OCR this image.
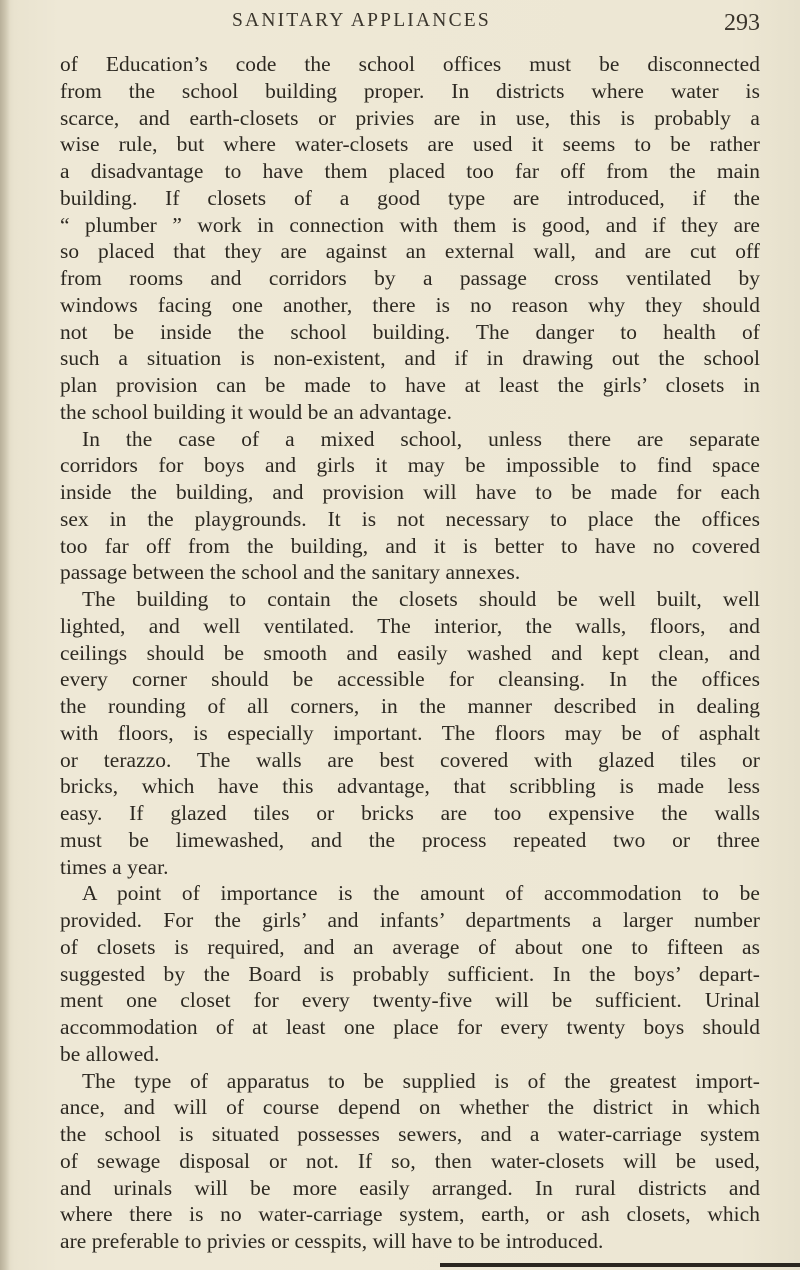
SANITARY APPLIANCES	293
of Education’s code the school offices must be disconnected
from the school building proper. In districts where water is
scarce, and earth-closets or privies are in use, this is probably a
wise rule, but where water-closets are used it seems to be rather
a disadvantage to have them placed too far off from the main
building. If closets of a good type are introduced, if the
“ plumber ” work in connection with them is good, and if they are
so placed that they are against an external wall, and are cut off
from rooms and corridors by a passage cross ventilated by
windows facing one another, there is no reason why they should
not be inside the school building. The danger to health of
such a situation is non-existent, and if in drawing out the school
plan provision can be made to have at least the girls’ closets in
the school building it would be an advantage.
In the case of a mixed school, unless there are separate
corridors for boys and girls it may be impossible to find space
inside the building, and provision will have to be made for each
sex in the playgrounds. It is not necessary to place the offices
too far off from the building, and it is better to have no covered
passage between the school and the sanitary annexes.
The building to contain the closets should be well built, well
lighted, and well ventilated. The interior, the walls, floors, and
ceilings should be smooth and easily washed and kept clean, and
every corner should be accessible for cleansing. In the offices
the rounding of all corners, in the manner described in dealing
with floors, is especially important. The floors may be of asphalt
or terazzo. The walls are best covered with glazed tiles or
bricks, which have this advantage, that scribbling is made less
easy. If glazed tiles or bricks are too expensive the walls
must be limewashed, and the process repeated two or three
times a year.
A point of importance is the amount of accommodation to be
provided. For the girls’ and infants’ departments a larger number
of closets is required, and an average of about one to fifteen as
suggested by the Board is probably sufficient. In the boys’ depart-
ment one closet for every twenty-five will be sufficient. Urinal
accommodation of at least one place for every twenty boys should
be allowed.
The type of apparatus to be supplied is of the greatest import-
ance, and will of course depend on whether the district in which
the school is situated possesses sewers, and a water-carriage system
of sewage disposal or not. If so, then water-closets will be used,
and urinals will be more easily arranged. In rural districts and
where there is no water-carriage system, earth, or ash closets, which
are preferable to privies or cesspits, will have to be introduced.
